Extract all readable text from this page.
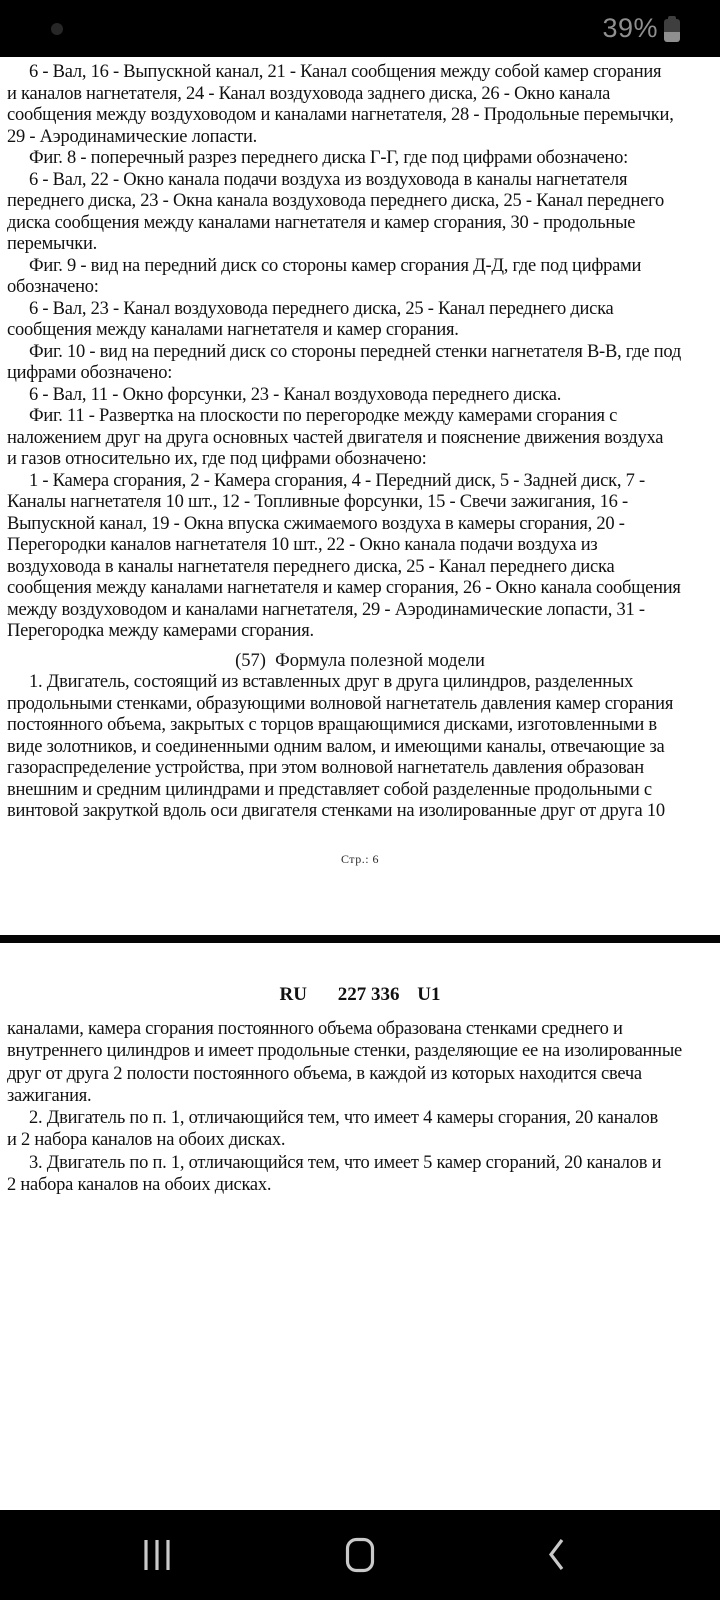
39%
6 - Вал, 16 - Выпускной канал, 21 - Канал сообщения между собой камер сгорания
и каналов нагнетателя, 24 - Канал воздуховода заднего диска, 26 - Окно канала
сообщения между воздуховодом и каналами нагнетателя, 28 - Продольные перемычки,
29 - Аэродинамические лопасти.
Фиг. 8 - поперечный разрез переднего диска Г-Г, где под цифрами обозначено:
6 - Вал, 22 - Окно канала подачи воздуха из воздуховода в каналы нагнетателя
переднего диска, 23 - Окна канала воздуховода переднего диска, 25 - Канал переднего
диска сообщения между каналами нагнетателя и камер сгорания, 30 - продольные
перемычки.
Фиг. 9 - вид на передний диск со стороны камер сгорания Д-Д, где под цифрами
обозначено:
6 - Вал, 23 - Канал воздуховода переднего диска, 25 - Канал переднего диска
сообщения между каналами нагнетателя и камер сгорания.
Фиг. 10 - вид на передний диск со стороны передней стенки нагнетателя В-В, где под
цифрами обозначено:
6 - Вал, 11 - Окно форсунки, 23 - Канал воздуховода переднего диска.
Фиг. 11 - Развертка на плоскости по перегородке между камерами сгорания с
наложением друг на друга основных частей двигателя и пояснение движения воздуха
и газов относительно их, где под цифрами обозначено:
1 - Камера сгорания, 2 - Камера сгорания, 4 - Передний диск, 5 - Задней диск, 7 -
Каналы нагнетателя 10 шт., 12 - Топливные форсунки, 15 - Свечи зажигания, 16 -
Выпускной канал, 19 - Окна впуска сжимаемого воздуха в камеры сгорания, 20 -
Перегородки каналов нагнетателя 10 шт., 22 - Окно канала подачи воздуха из
воздуховода в каналы нагнетателя переднего диска, 25 - Канал переднего диска
сообщения между каналами нагнетателя и камер сгорания, 26 - Окно канала сообщения
между воздуховодом и каналами нагнетателя, 29 - Аэродинамические лопасти, 31 -
Перегородка между камерами сгорания.
(57)  Формула полезной модели
1. Двигатель, состоящий из вставленных друг в друга цилиндров, разделенных
продольными стенками, образующими волновой нагнетатель давления камер сгорания
постоянного объема, закрытых с торцов вращающимися дисками, изготовленными в
виде золотников, и соединенными одним валом, и имеющими каналы, отвечающие за
газораспределение устройства, при этом волновой нагнетатель давления образован
внешним и средним цилиндрами и представляет собой разделенные продольными с
винтовой закруткой вдоль оси двигателя стенками на изолированные друг от друга 10
Стр.: 6
RU 227 336 U1
каналами, камера сгорания постоянного объема образована стенками среднего и
внутреннего цилиндров и имеет продольные стенки, разделяющие ее на изолированные
друг от друга 2 полости постоянного объема, в каждой из которых находится свеча
зажигания.
2. Двигатель по п. 1, отличающийся тем, что имеет 4 камеры сгорания, 20 каналов
и 2 набора каналов на обоих дисках.
3. Двигатель по п. 1, отличающийся тем, что имеет 5 камер сгораний, 20 каналов и
2 набора каналов на обоих дисках.
